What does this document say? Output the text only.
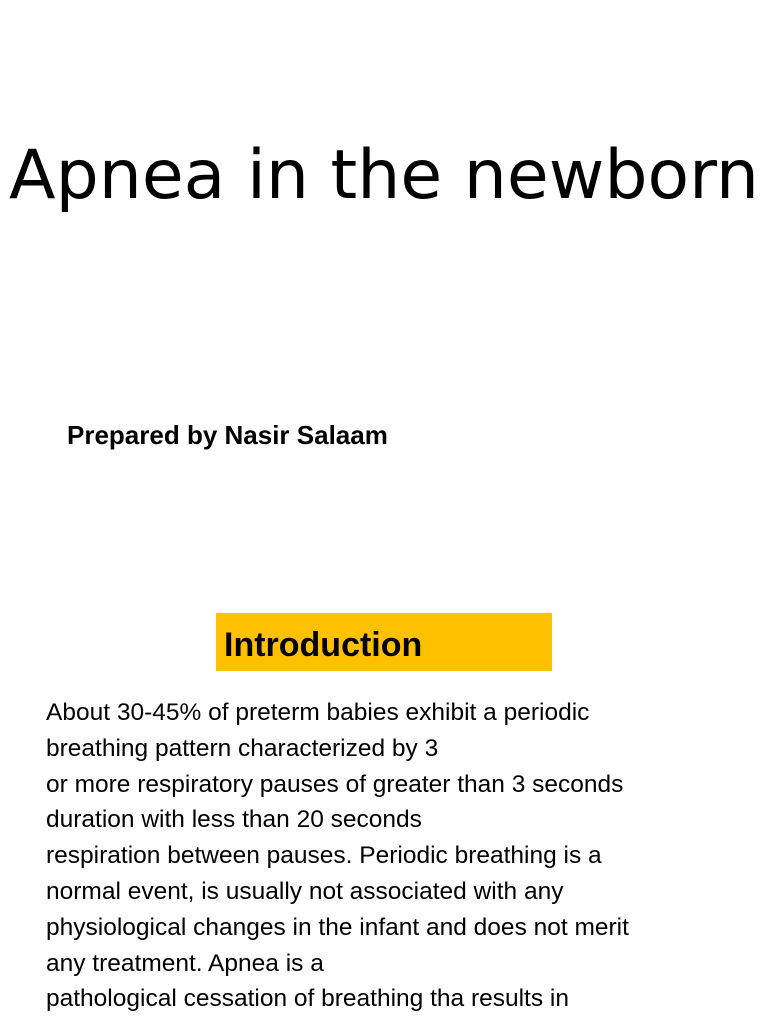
Apnea in the newborn
Prepared by Nasir Salaam
Introduction
About 30-45% of preterm babies exhibit a periodic
breathing pattern characterized by 3
or more respiratory pauses of greater than 3 seconds
duration with less than 20 seconds
respiration between pauses. Periodic breathing is a
normal event, is usually not associated with any
physiological changes in the infant and does not merit
any treatment. Apnea is a
pathological cessation of breathing tha results in
